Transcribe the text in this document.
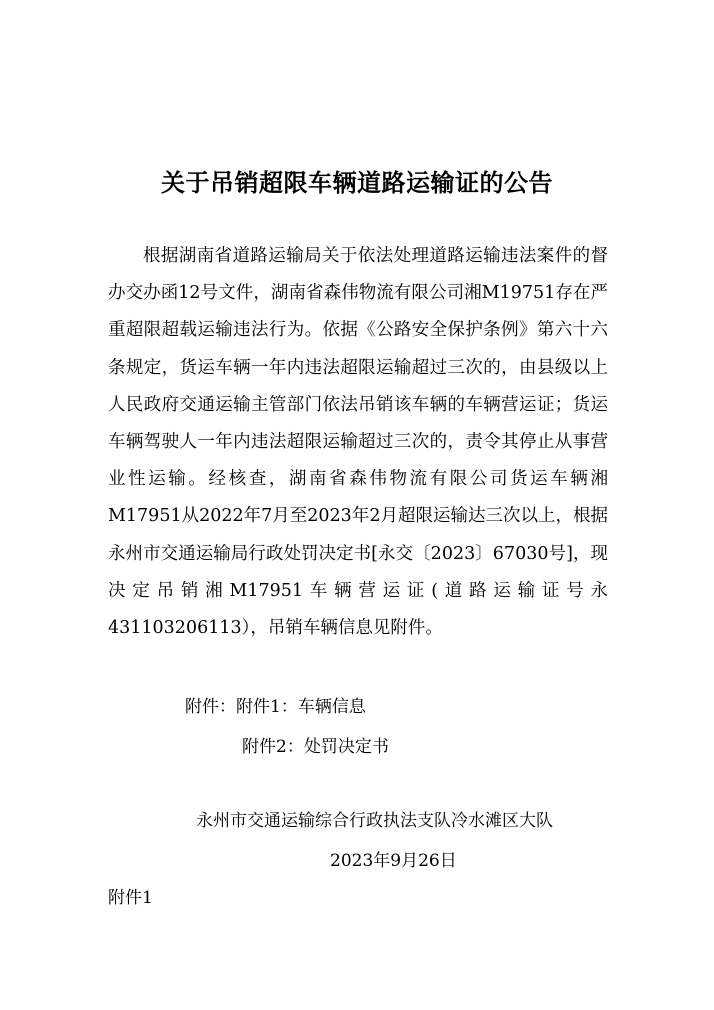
关于吊销超限车辆道路运输证的公告

根据湖南省道路运输局关于依法处理道路运输违法案件的督办交办函12号文件，湖南省森伟物流有限公司湘M19751存在严重超限超载运输违法行为。依据《公路安全保护条例》第六十六条规定，货运车辆一年内违法超限运输超过三次的，由县级以上人民政府交通运输主管部门依法吊销该车辆的车辆营运证；货运车辆驾驶人一年内违法超限运输超过三次的，责令其停止从事营业性运输。经核查，湖南省森伟物流有限公司货运车辆湘M17951从2022年7月至2023年2月超限运输达三次以上，根据永州市交通运输局行政处罚决定书[永交〔2023〕67030号]，现决定吊销湘M17951车辆营运证(道路运输证号永431103206113），吊销车辆信息见附件。

附件：附件1：车辆信息

附件2：处罚决定书

永州市交通运输综合行政执法支队冷水滩区大队

2023年9月26日

附件1
